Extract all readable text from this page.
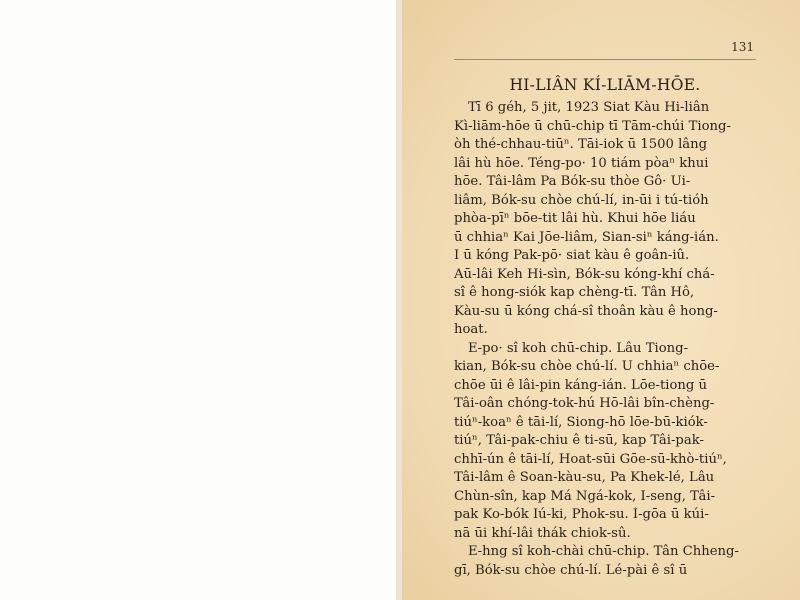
131
HI-LIÂN KÍ-LIĀM-HŌE.
Tī 6 géh, 5 jit, 1923 Siat Kàu Hi-liân
Kì-liām-hōe ū chū-chip tī Tām-chúi Tiong-
òh thé-chhau-tiūⁿ. Tāi-iok ū 1500 lâng
lâi hù hōe. Téng-po· 10 tiám pòaⁿ khui
hōe. Tâi-lâm Pa Bók-su thòe Gô· Ui-
liâm, Bók-su chòe chú-lí, in-ūi i tú-tióh
phòa-pīⁿ bōe-tit lâi hù. Khui hōe liáu
ū chhiaⁿ Kai Jōe-liâm, Sian-siⁿ káng-ián.
I ū kóng Pak-pō· siat kàu ê goân-iû.
Aū-lâi Keh Hi-sìn, Bók-su kóng-khí chá-
sî ê hong-siók kap chèng-tī. Tân Hô,
Kàu-su ū kóng chá-sî thoân kàu ê hong-
hoat.
Ē-po· sî koh chū-chip. Lâu Tiong-
kian, Bók-su chòe chú-lí. Ū chhiaⁿ chōe-
chōe ūi ê lâi-pin káng-ián. Lōe-tiong ū
Tâi-oân chóng-tok-hú Hō-lâi bîn-chèng-
tiúⁿ-koaⁿ ê tāi-lí, Siong-hō lōe-bū-kiók-
tiúⁿ, Tâi-pak-chiu ê ti-sū, kap Tâi-pak-
chhī-ún ê tāi-lí, Hoat-sūi Gōe-sū-khò-tiúⁿ,
Tâi-lâm ê Soan-kàu-su, Pa Khek-lé, Lâu
Chùn-sîn, kap Má Ngá-kok, I-seng, Tâi-
pak Ko-bók Iú-ki, Phok-su. Í-gōa ū kúi-
nā ūi khí-lâi thák chiok-sû.
Ē-hng sî koh-chài chū-chip. Tân Chheng-
gī, Bók-su chòe chú-lí. Lé-pài ê sî ū
